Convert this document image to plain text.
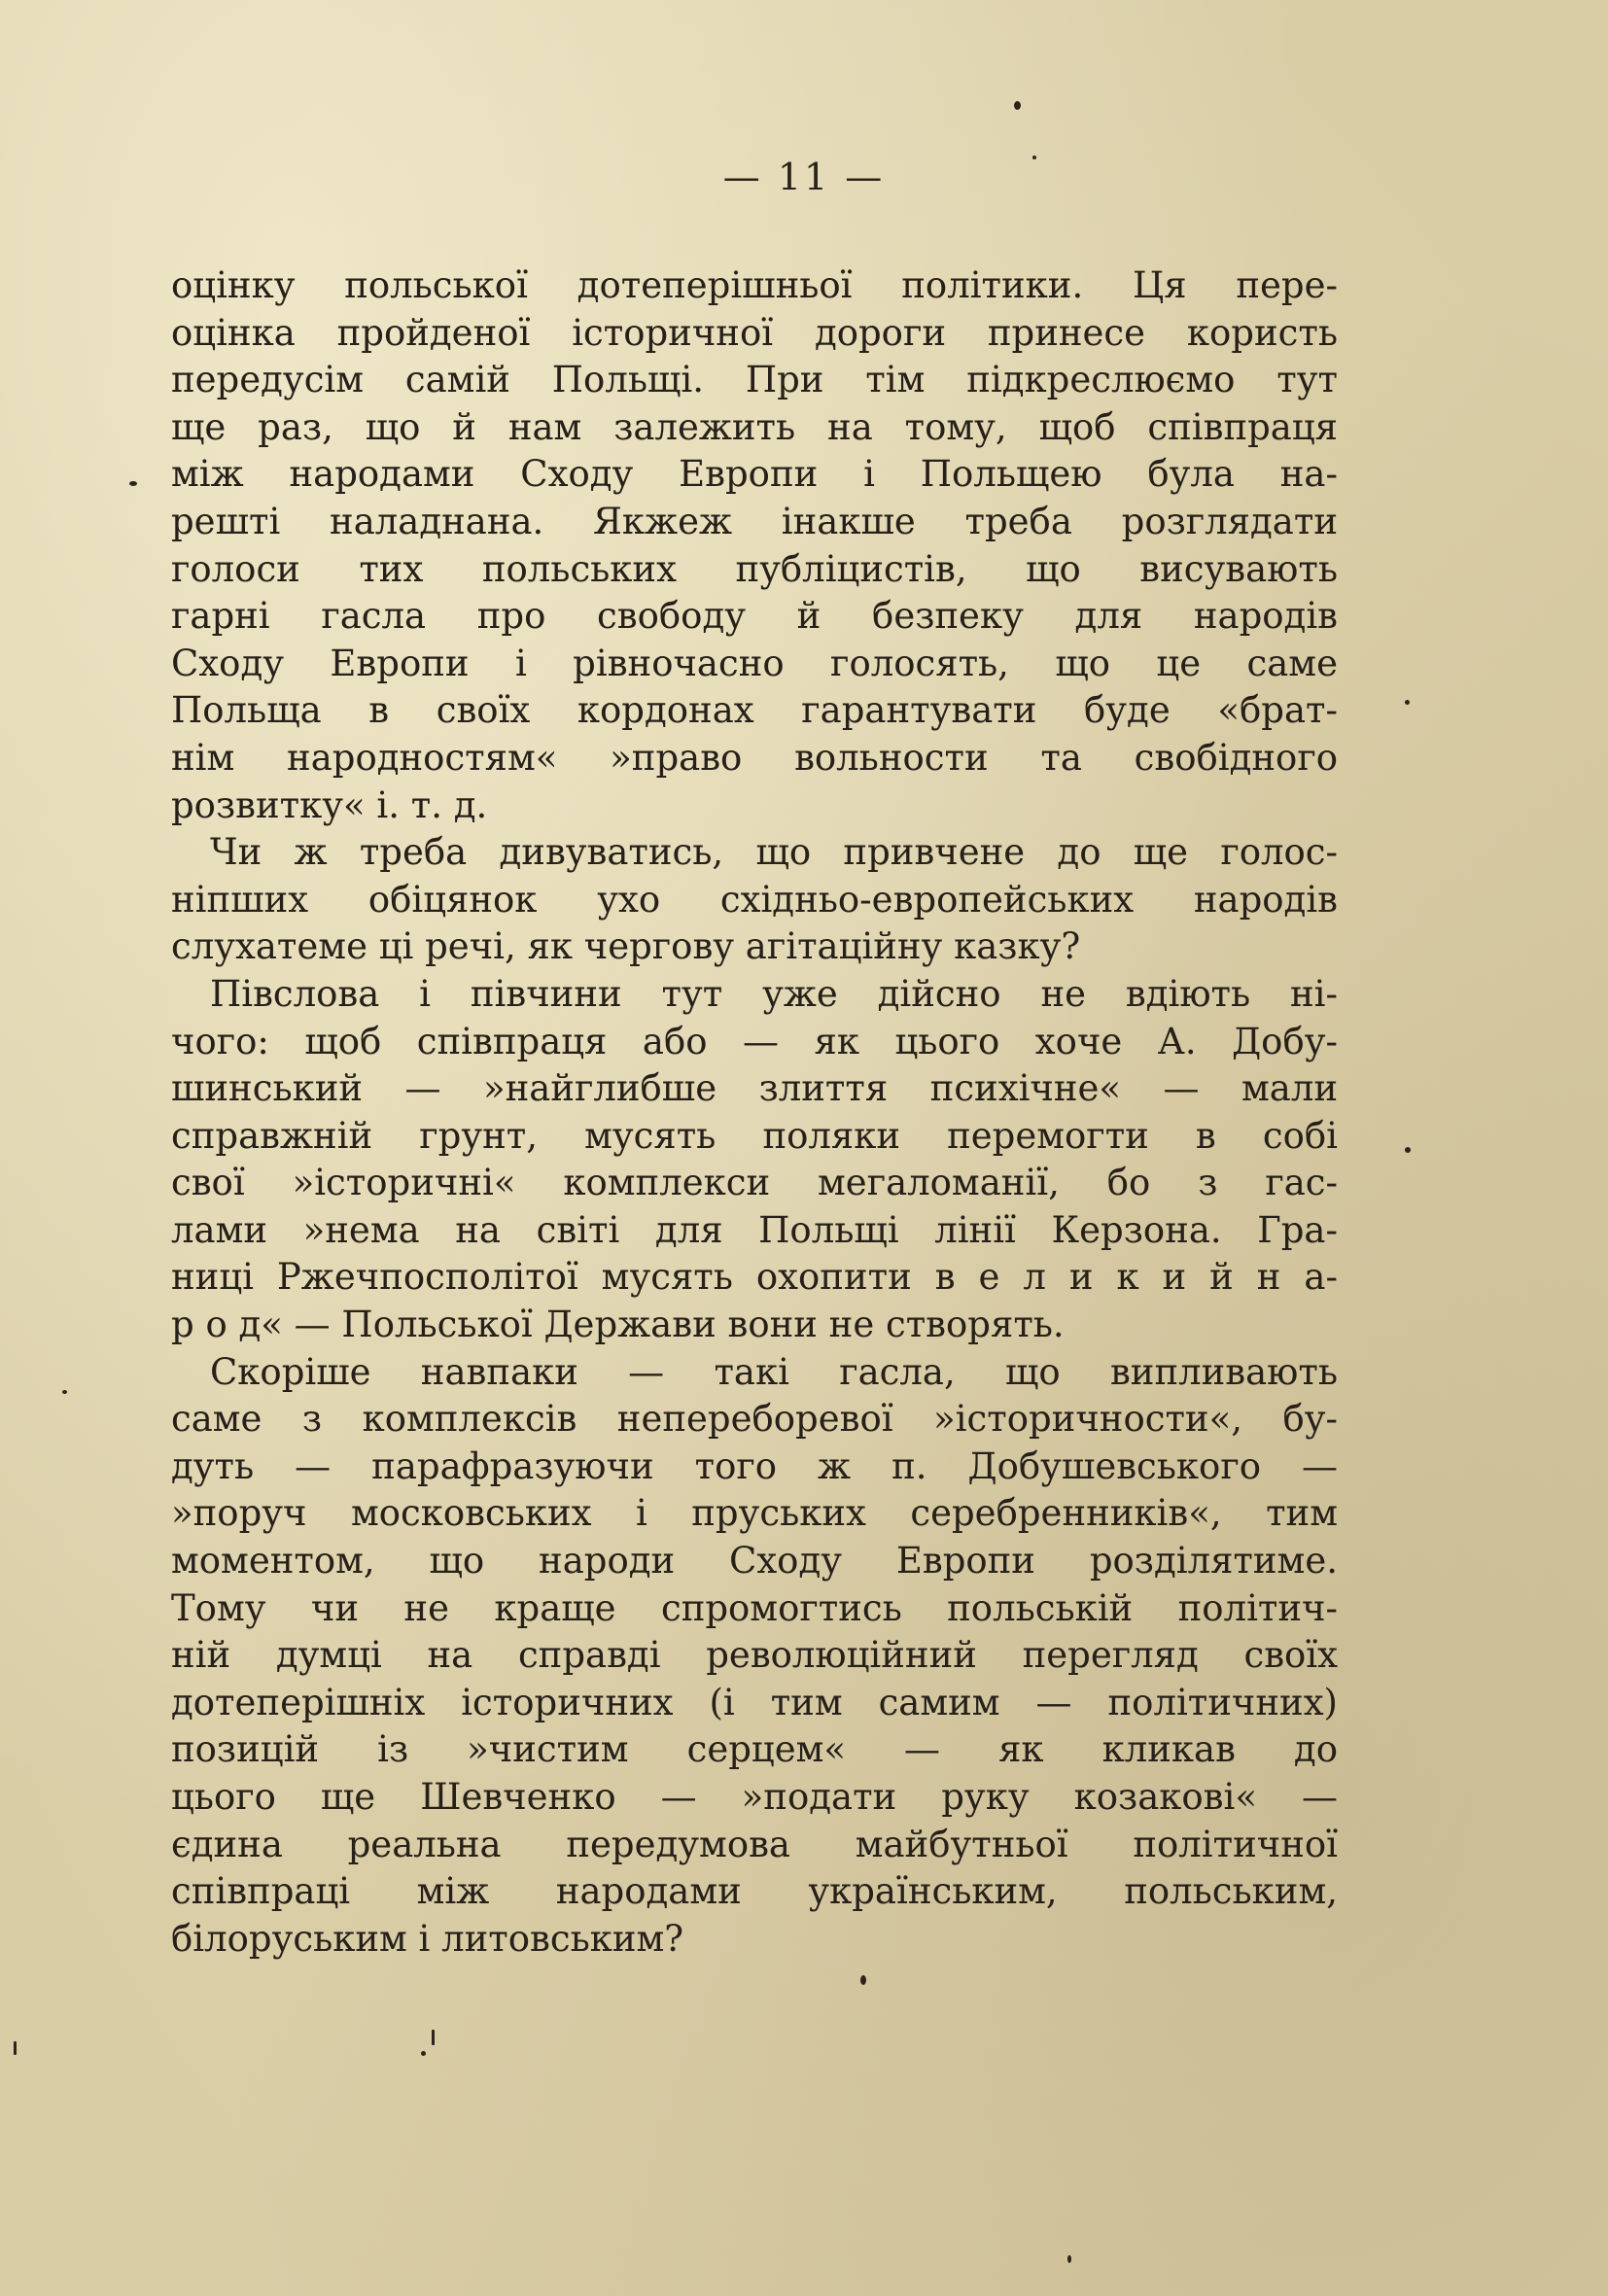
— 11 —
оцінку польської дотеперішньої політики. Ця пере-
оцінка пройденої історичної дороги принесе користь
передусім самій Польщі. При тім підкреслюємо тут
ще раз, що й нам залежить на тому, щоб співпраця
між народами Сходу Европи і Польщею була на-
решті наладнана. Якжеж інакше треба розглядати
голоси тих польських публіцистів, що висувають
гарні гасла про свободу й безпеку для народів
Сходу Европи і рівночасно голосять, що це саме
Польща в своїх кордонах гарантувати буде «брат-
нім народностям« »право вольности та свобідного
розвитку« і. т. д.
Чи ж треба дивуватись, що привчене до ще голос-
ніпших обіцянок ухо східньо-европейських народів
слухатеме ці речі, як чергову агітаційну казку?
Півслова і півчини тут уже дійсно не вдіють ні-
чого: щоб співпраця або — як цього хоче А. Добу-
шинський — »найглибше злиття психічне« — мали
справжній грунт, мусять поляки перемогти в собі
свої »історичні« комплекси мегаломанії, бо з гас-
лами »нема на світі для Польщі лінії Керзона. Гра-
ниці Ржечпосполітої мусять охопити в е л и к и й н а-
р о д« — Польської Держави вони не створять.
Скоріше навпаки — такі гасла, що випливають
саме з комплексів непереборевої »історичности«, бу-
дуть — парафразуючи того ж п. Добушевського —
»поруч московських і пруських серебренників«, тим
моментом, що народи Сходу Европи розділятиме.
Тому чи не краще спромогтись польській політич-
ній думці на справді революційний перегляд своїх
дотеперішніх історичних (і тим самим — політичних)
позицій із »чистим серцем« — як кликав до
цього ще Шевченко — »подати руку козакові« —
єдина реальна передумова майбутньої політичної
співпраці між народами українським, польським,
білоруським і литовським?
